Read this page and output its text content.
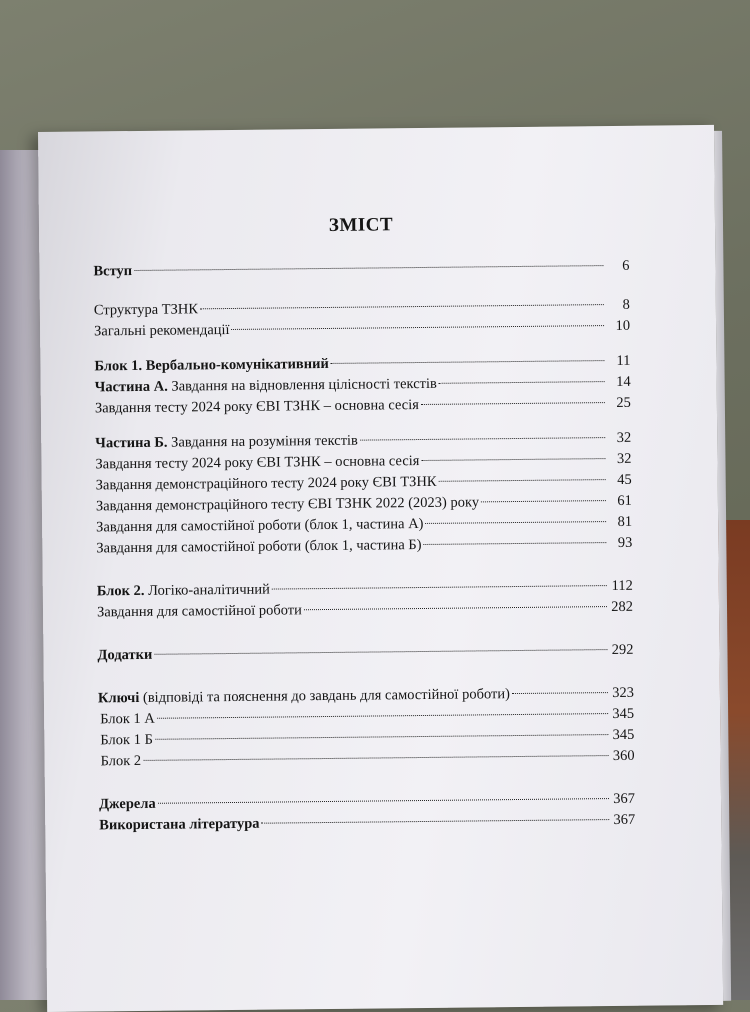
ЗМІСТ
Вступ	6
Структура ТЗНК	8
Загальні рекомендації	10
Блок 1. Вербально-комунікативний	11
Частина А. Завдання на відновлення цілісності текстів	14
Завдання тесту 2024 року ЄВІ ТЗНК – основна сесія	25
Частина Б. Завдання на розуміння текстів	32
Завдання тесту 2024 року ЄВІ ТЗНК – основна сесія	32
Завдання демонстраційного тесту 2024 року ЄВІ ТЗНК	45
Завдання демонстраційного тесту ЄВІ ТЗНК 2022 (2023) року	61
Завдання для самостійної роботи (блок 1, частина А)	81
Завдання для самостійної роботи (блок 1, частина Б)	93
Блок 2. Логіко-аналітичний	112
Завдання для самостійної роботи	282
Додатки	292
Ключі (відповіді та пояснення до завдань для самостійної роботи)	323
Блок 1 А	345
Блок 1 Б	345
Блок 2	360
Джерела	367
Використана література	367
